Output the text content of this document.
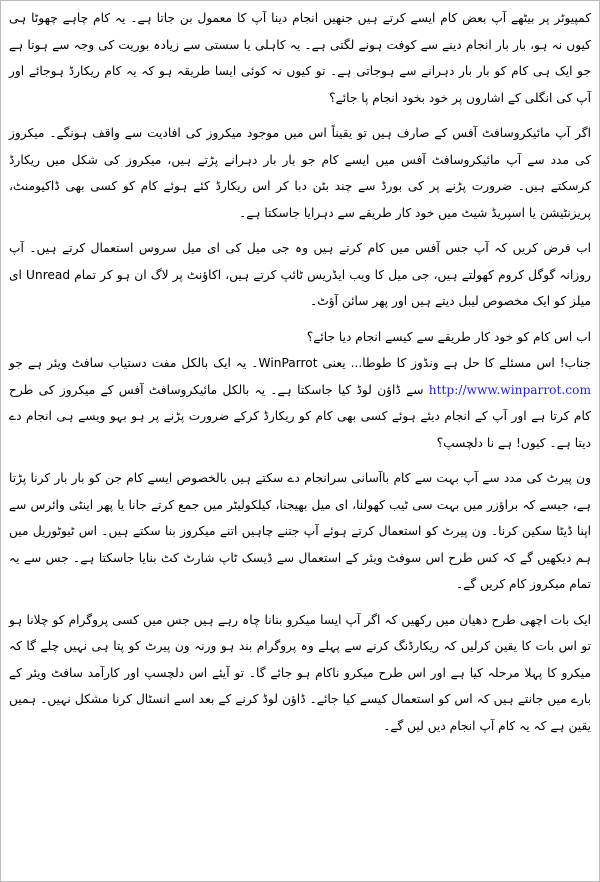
کمپیوٹر پر بیٹھے آپ بعض کام ایسے کرتے ہیں جنھیں انجام دینا آپ کا معمول بن جاتا ہے۔ یہ کام چاہے چھوٹا ہی کیوں نہ ہو، بار بار انجام دینے سے کوفت ہونے لگتی ہے۔ یہ کاہلی یا سستی سے زیادہ بوریت کی وجہ سے ہوتا ہے جو ایک ہی کام کو بار بار دہرانے سے ہوجاتی ہے۔ تو کیوں نہ کوئی ایسا طریقہ ہو کہ یہ کام ریکارڈ ہوجائے اور آپ کی انگلی کے اشاروں پر خود بخود انجام پا جائے؟

اگر آپ مائیکروسافٹ آفس کے صارف ہیں تو یقیناً اس میں موجود میکروز کی افادیت سے واقف ہونگے۔ میکروز کی مدد سے آپ مائیکروسافٹ آفس میں ایسے کام جو بار بار دہرانے پڑتے ہیں، میکروز کی شکل میں ریکارڈ کرسکتے ہیں۔ ضرورت پڑنے پر کی بورڈ سے چند بٹن دبا کر اس ریکارڈ کئے ہوئے کام کو کسی بھی ڈاکیومنٹ، پریزنٹیشن یا اسپریڈ شیٹ میں خود کار طریقے سے دہرایا جاسکتا ہے۔

اب فرض کریں کہ آپ جس آفس میں کام کرتے ہیں وہ جی میل کی ای میل سروس استعمال کرتے ہیں۔ آپ روزانہ گوگل کروم کھولتے ہیں، جی میل کا ویب ایڈریس ٹائپ کرتے ہیں، اکاؤنٹ پر لاگ ان ہو کر تمام Unread ای میلز کو ایک مخصوص لیبل دیتے ہیں اور پھر سائن آؤٹ۔

اب اس کام کو خود کار طریقے سے کیسے انجام دیا جائے؟
جناب! اس مسئلے کا حل ہے ونڈوز کا طوطا... یعنی WinParrot۔ یہ ایک بالکل مفت دستیاب سافٹ ویئر ہے جو http://www.winparrot.com سے ڈاؤن لوڈ کیا جاسکتا ہے۔ یہ بالکل مائیکروسافٹ آفس کے میکروز کی طرح کام کرتا ہے اور آپ کے انجام دیئے ہوئے کسی بھی کام کو ریکارڈ کرکے ضرورت پڑنے پر ہو بہو ویسے ہی انجام دے دیتا ہے۔ کیوں! ہے نا دلچسپ؟

ون پیرٹ کی مدد سے آپ بہت سے کام باآسانی سرانجام دے سکتے ہیں بالخصوص ایسے کام جن کو بار بار کرنا پڑتا ہے، جیسے کہ براؤزر میں بہت سی ٹیب کھولنا، ای میل بھیجنا، کیلکولیٹر میں جمع کرتے جانا یا پھر اینٹی وائرس سے اپنا ڈیٹا سکین کرنا۔ ون پیرٹ کو استعمال کرتے ہوئے آپ جتنے چاہیں اتنے میکروز بنا سکتے ہیں۔ اس ٹیوٹوریل میں ہم دیکھیں گے کہ کس طرح اس سوفٹ ویئر کے استعمال سے ڈیسک ٹاپ شارٹ کٹ بنایا جاسکتا ہے۔ جس سے یہ تمام میکروز کام کریں گے۔

ایک بات اچھی طرح دھیان میں رکھیں کہ اگر آپ ایسا میکرو بنانا چاہ رہے ہیں جس میں کسی پروگرام کو چلانا ہو تو اس بات کا یقین کرلیں کہ ریکارڈنگ کرنے سے پہلے وہ پروگرام بند ہو ورنہ ون پیرٹ کو پتا ہی نہیں چلے گا کہ میکرو کا پہلا مرحلہ کیا ہے اور اس طرح میکرو ناکام ہو جائے گا۔ تو آیئے اس دلچسپ اور کارآمد سافٹ ویئر کے بارے میں جانتے ہیں کہ اس کو استعمال کیسے کیا جائے۔ ڈاؤن لوڈ کرنے کے بعد اسے انسٹال کرنا مشکل نہیں۔ ہمیں یقین ہے کہ یہ کام آپ انجام دیں لیں گے۔
